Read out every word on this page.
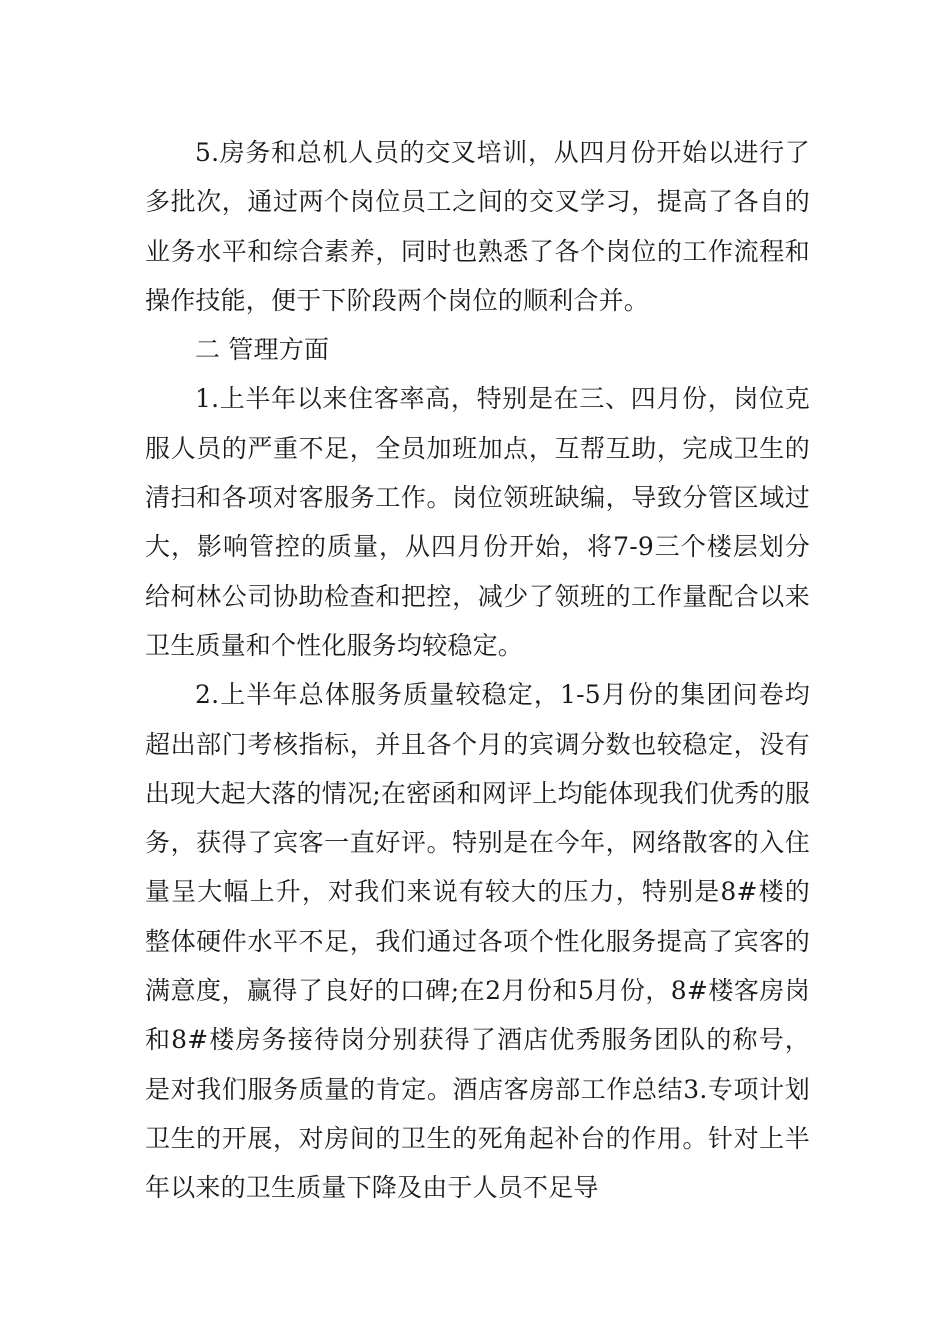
5.房务和总机人员的交叉培训，从四月份开始以进行了多批次，通过两个岗位员工之间的交叉学习，提高了各自的业务水平和综合素养，同时也熟悉了各个岗位的工作流程和操作技能，便于下阶段两个岗位的顺利合并。

二 管理方面

1.上半年以来住客率高，特别是在三、四月份，岗位克服人员的严重不足，全员加班加点，互帮互助，完成卫生的清扫和各项对客服务工作。岗位领班缺编，导致分管区域过大，影响管控的质量，从四月份开始，将7-9三个楼层划分给柯林公司协助检查和把控，减少了领班的工作量配合以来卫生质量和个性化服务均较稳定。

2.上半年总体服务质量较稳定，1-5月份的集团问卷均超出部门考核指标，并且各个月的宾调分数也较稳定，没有出现大起大落的情况;在密函和网评上均能体现我们优秀的服务，获得了宾客一直好评。特别是在今年，网络散客的入住量呈大幅上升，对我们来说有较大的压力，特别是8#楼的整体硬件水平不足，我们通过各项个性化服务提高了宾客的满意度，赢得了良好的口碑;在2月份和5月份，8#楼客房岗和8#楼房务接待岗分别获得了酒店优秀服务团队的称号，是对我们服务质量的肯定。酒店客房部工作总结3.专项计划卫生的开展，对房间的卫生的死角起补台的作用。针对上半年以来的卫生质量下降及由于人员不足导
